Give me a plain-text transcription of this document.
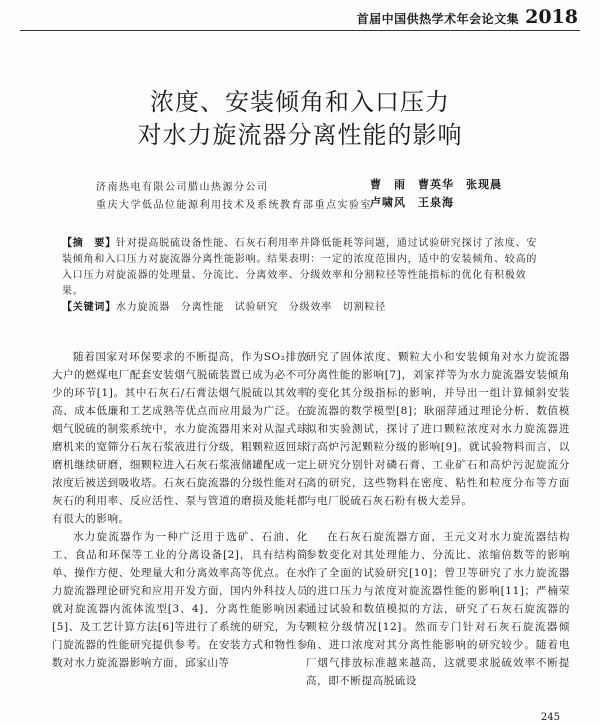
首届中国供热学术年会论文集 2018
浓度、安装倾角和入口压力
对水力旋流器分离性能的影响
济南热电有限公司腊山热源分公司	曹　雨　曹英华　张现晨
重庆大学低品位能源利用技术及系统教育部重点实验室
卢啸风　王泉海
【摘　要】针对提高脱硫设备性能、石灰石利用率并降低能耗等问题，通过试验研究探讨了浓度、安装倾角和入口压力对旋流器分离性能影响。结果表明：一定的浓度范围内，适中的安装倾角、较高的入口压力对旋流器的处理量、分流比、分离效率、分级效率和分割粒径等性能指标的优化有积极效果。
【关键词】水力旋流器　分离性能　试验研究　分级效率　切割粒径

随着国家对环保要求的不断提高，作为SO₂排放大户的燃煤电厂配套安装烟气脱硫装置已成为必不可少的环节[1]。其中石灰石/石膏法烟气脱硫以其效率高、成本低廉和工艺成熟等优点而应用最为广泛。在烟气脱硫的制浆系统中，水力旋流器用来对从湿式球磨机来的宽筛分石灰石浆液进行分级，粗颗粒返回球磨机继续研磨，细颗粒进入石灰石浆液储罐配成一定浓度后被送到吸收塔。石灰石旋流器的分级性能对石灰石的利用率、反应活性、泵与管道的磨损及能耗都有很大的影响。

水力旋流器作为一种广泛用于选矿、石油、化工、食品和环保等工业的分离设备[2]，具有结构简单、操作方便、处理量大和分离效率高等优点。在水力旋流器理论研究和应用开发方面，国内外科技人员就对旋流器内流体流型[3、4]、分离性能影响因素[5]、及工艺计算方法[6]等进行了系统的研究，为专门旋流器的性能研究提供参考。在安装方式和物性参数对水力旋流器影响方面，邱家山等

研究了固体浓度、颗粒大小和安装倾角对水力旋流器分离性能的影响[7]，刘家祥等为水力旋流器安装倾角的变化其分级指标的影响，并导出一组计算倾斜安装旋流器的数学模型[8]；耿丽萍通过理论分析、数值模拟和实验测试，探讨了进口颗粒浓度对水力旋流器进行高炉污泥颗粒分级的影响[9]。就试验物料而言，以上研究分别针对磷石膏、工业矿石和高炉污泥旋流分离的研究，这些物料在密度、粘性和粒度分布等方面与电厂脱硫石灰石粉有极大差异。

在石灰石旋流器方面，王元文对水力旋流器结构参数变化对其处理能力、分流比、浓缩倍数等的影响作了全面的试验研究[10]；曾卫等研究了水力旋流器的进口压力与浓度对旋流器性能的影响[11]；严楠荣通过试验和数值模拟的方法，研究了石灰石旋流器的颗粒分级情况[12]。然而专门针对石灰石旋流器倾角、进口浓度对其分离性能影响的研究较少。随着电厂烟气排放标准越来越高，这就要求脱硫效率不断提高，即不断提高脱硫设

245
